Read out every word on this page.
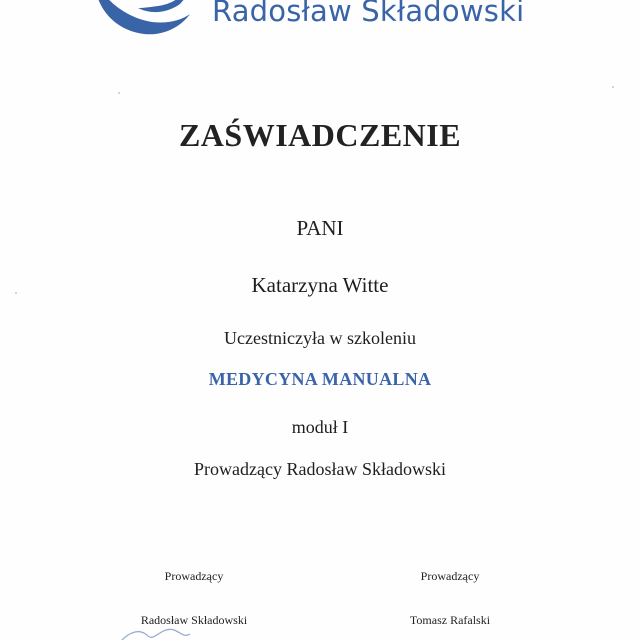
Radosław Składowski
ZAŚWIADCZENIE
PANI
Katarzyna Witte
Uczestniczyła w szkoleniu
MEDYCYNA MANUALNA
moduł I
Prowadzący Radosław Składowski
Prowadzący	Prowadzący
Radosław Składowski	Tomasz Rafalski
